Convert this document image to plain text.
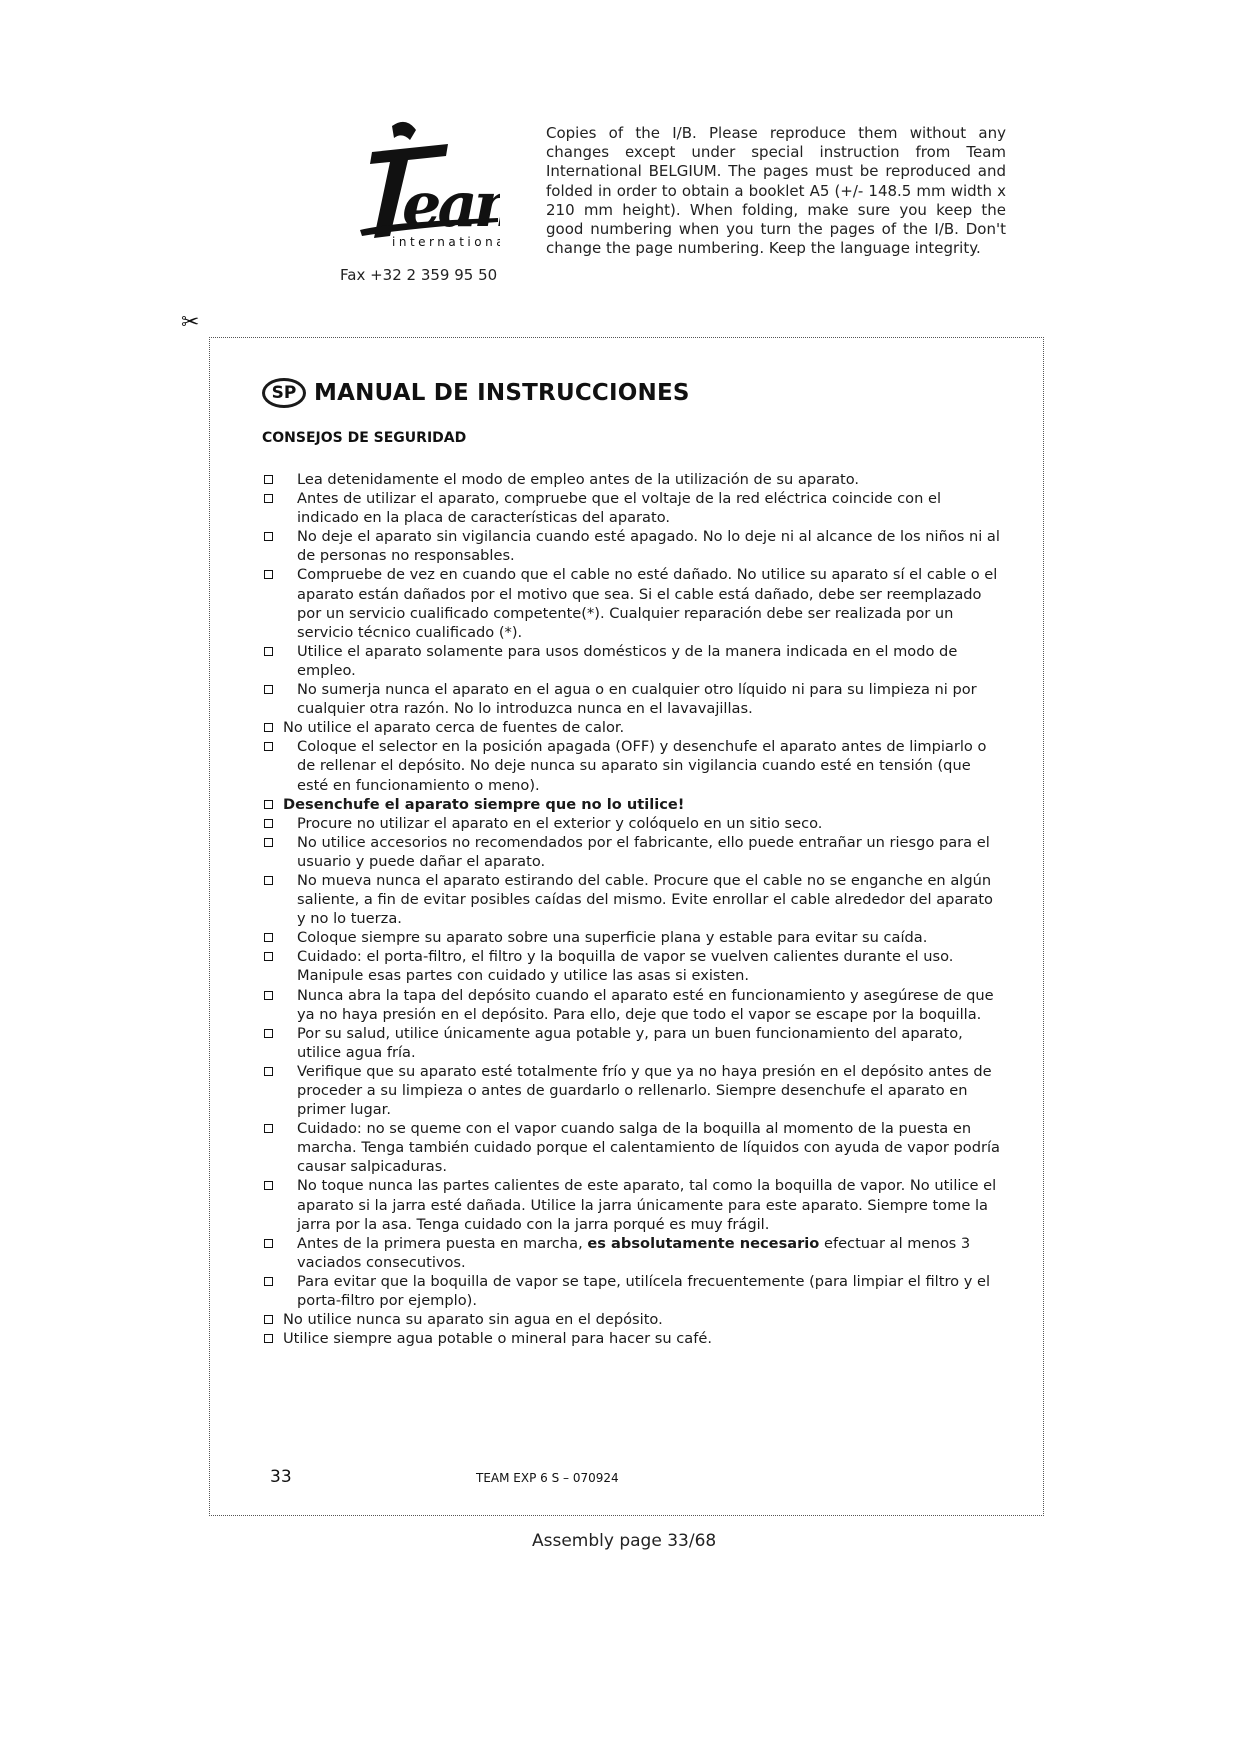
ea
internation
Fax +32 2 359 95 50
Copies of the I/B. Please reproduce them without any changes except under special instruction from Team International BELGIUM. The pages must be reproduced and folded in order to obtain a booklet A5 (+/- 148.5 mm width x 210 mm height). When folding, make sure you keep the good numbering when you turn the pages of the I/B. Don't change the page numbering. Keep the language integrity.
✂
SP MANUAL DE INSTRUCCIONES
CONSEJOS DE SEGURIDAD
Lea detenidamente el modo de empleo antes de la utilización de su aparato.
Antes de utilizar el aparato, compruebe que el voltaje de la red eléctrica coincide con el indicado en la placa de características del aparato.
No deje el aparato sin vigilancia cuando esté apagado. No lo deje ni al alcance de los niños ni al de personas no responsables.
Compruebe de vez en cuando que el cable no esté dañado. No utilice su aparato sí el cable o el aparato están dañados por el motivo que sea. Si el cable está dañado, debe ser reemplazado por un servicio cualificado competente(*). Cualquier reparación debe ser realizada por un servicio técnico cualificado (*).
Utilice el aparato solamente para usos domésticos y de la manera indicada en el modo de empleo.
No sumerja nunca el aparato en el agua o en cualquier otro líquido ni para su limpieza ni por cualquier otra razón. No lo introduzca nunca en el lavavajillas.
No utilice el aparato cerca de fuentes de calor.
Coloque el selector en la posición apagada (OFF) y desenchufe el aparato antes de limpiarlo o de rellenar el depósito. No deje nunca su aparato sin vigilancia cuando esté en tensión (que esté en funcionamiento o meno).
Desenchufe el aparato siempre que no lo utilice!
Procure no utilizar el aparato en el exterior y colóquelo en un sitio seco.
No utilice accesorios no recomendados por el fabricante, ello puede entrañar un riesgo para el usuario y puede dañar el aparato.
No mueva nunca el aparato estirando del cable. Procure que el cable no se enganche en algún saliente, a fin de evitar posibles caídas del mismo. Evite enrollar el cable alrededor del aparato y no lo tuerza.
Coloque siempre su aparato sobre una superficie plana y estable para evitar su caída.
Cuidado: el porta-filtro, el filtro y la boquilla de vapor se vuelven calientes durante el uso. Manipule esas partes con cuidado y utilice las asas si existen.
Nunca abra la tapa del depósito cuando el aparato esté en funcionamiento y asegúrese de que ya no haya presión en el depósito. Para ello, deje que todo el vapor se escape por la boquilla.
Por su salud, utilice únicamente agua potable y, para un buen funcionamiento del aparato, utilice agua fría.
Verifique que su aparato esté totalmente frío y que ya no haya presión en el depósito antes de proceder a su limpieza o antes de guardarlo o rellenarlo. Siempre desenchufe el aparato en primer lugar.
Cuidado: no se queme con el vapor cuando salga de la boquilla al momento de la puesta en marcha. Tenga también cuidado porque el calentamiento de líquidos con ayuda de vapor podría causar salpicaduras.
No toque nunca las partes calientes de este aparato, tal como la boquilla de vapor. No utilice el aparato si la jarra esté dañada. Utilice la jarra únicamente para este aparato. Siempre tome la jarra por la asa. Tenga cuidado con la jarra porqué es muy frágil.
Antes de la primera puesta en marcha, es absolutamente necesario efectuar al menos 3 vaciados consecutivos.
Para evitar que la boquilla de vapor se tape, utilícela frecuentemente (para limpiar el filtro y el porta-filtro por ejemplo).
No utilice nunca su aparato sin agua en el depósito.
Utilice siempre agua potable o mineral para hacer su café.
33	TEAM EXP 6 S – 070924
Assembly page 33/68
